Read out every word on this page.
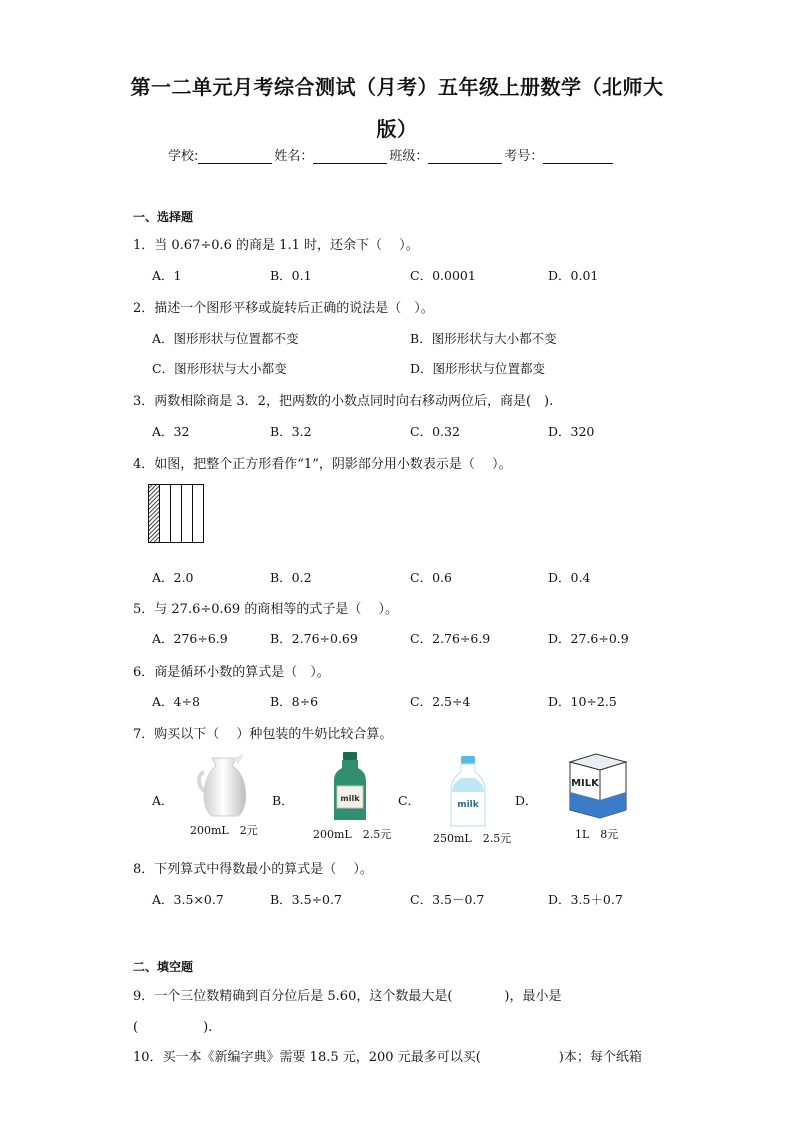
第一二单元月考综合测试（月考）五年级上册数学（北师大
版）
学校:	姓名：	班级：	考号：
一、选择题
1．当 0.67÷0.6 的商是 1.1 时，还余下（　 ）。
A．1	B．0.1	C．0.0001	D．0.01
2．描述一个图形平移或旋转后正确的说法是（　）。
A．图形形状与位置都不变	B．图形形状与大小都不变
C．图形形状与大小都变	D．图形形状与位置都变
3．两数相除商是 3．2，把两数的小数点同时向右移动两位后，商是(　).
A．32	B．3.2	C．0.32	D．320
4．如图，把整个正方形看作“1”，阴影部分用小数表示是（　 ）。
A．2.0	B．0.2	C．0.6	D．0.4
5．与 27.6÷0.69 的商相等的式子是（　 ）。
A．276÷6.9	B．2.76÷0.69	C．2.76÷6.9	D．27.6÷0.9
6．商是循环小数的算式是（　）。
A．4÷8	B．8÷6	C．2.5÷4	D．10÷2.5
7．购买以下（　 ）种包装的牛奶比较合算。
A．
200mL　2元
B．	milk
200mL　2.5元
C．	milk
250mL　2.5元
D．
MILK
1L　8元
8．下列算式中得数最小的算式是（　 ）。
A．3.5×0.7	B．3.5÷0.7	C．3.5－0.7	D．3.5＋0.7
二、填空题
9．一个三位数精确到百分位后是 5.60，这个数最大是(　　　　)，最小是
(　　　　　).
10．买一本《新编字典》需要 18.5 元，200 元最多可以买(　　　　　　)本；每个纸箱
